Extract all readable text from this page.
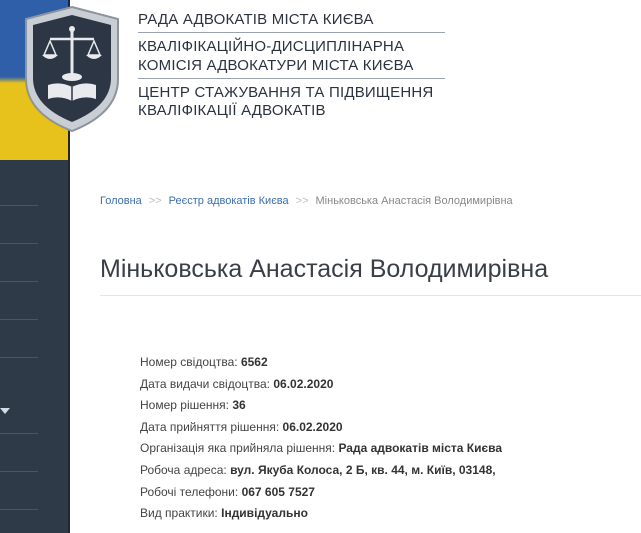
РАДА АДВОКАТІВ МІСТА КИЄВА
КВАЛІФІКАЦІЙНО-ДИСЦИПЛІНАРНА
КОМІСІЯ АДВОКАТУРИ МІСТА КИЄВА
ЦЕНТР СТАЖУВАННЯ ТА ПІДВИЩЕННЯ
КВАЛІФІКАЦІЇ АДВОКАТІВ
Головна >> Реєстр адвокатів Києва >> Міньковська Анастасія Володимирівна
Міньковська Анастасія Володимирівна
Номер свідоцтва: 6562
Дата видачи свідоцтва: 06.02.2020
Номер рішення: 36
Дата прийняття рішення: 06.02.2020
Організація яка прийняла рішення: Рада адвокатів міста Києва
Робоча адреса: вул. Якуба Колоса, 2 Б, кв. 44, м. Київ, 03148,
Робочі телефони: 067 605 7527
Вид практики: Індивідуально
